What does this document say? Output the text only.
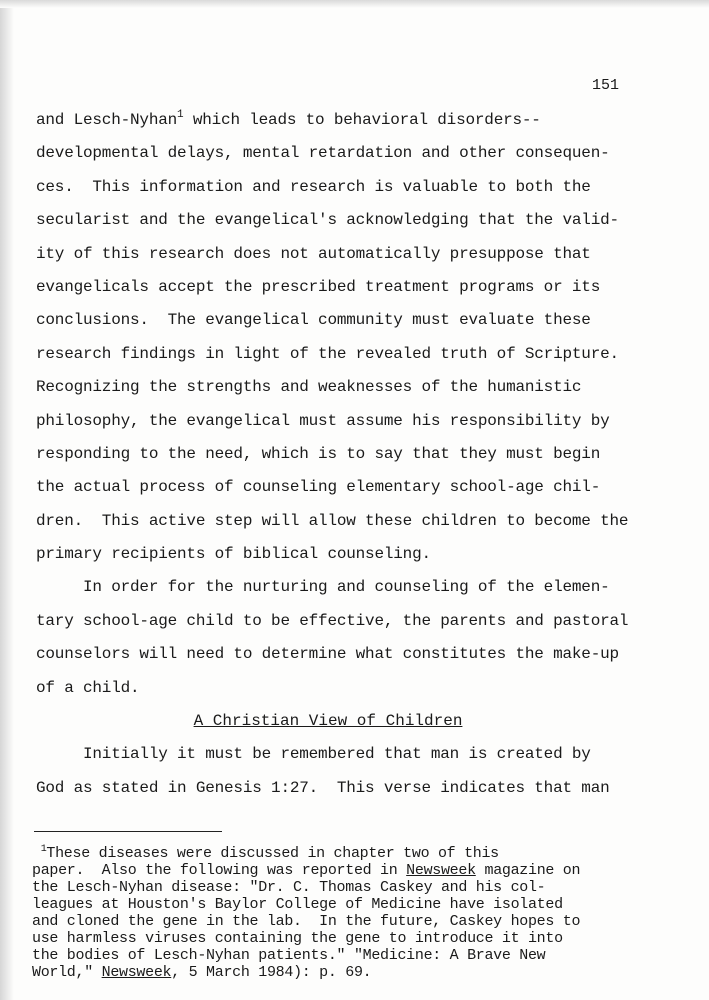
151
and Lesch-Nyhan$^1$ which leads to behavioral disorders--
developmental delays, mental retardation and other consequen-
ces.  This information and research is valuable to both the
secularist and the evangelical's acknowledging that the valid-
ity of this research does not automatically presuppose that
evangelicals accept the prescribed treatment programs or its
conclusions.  The evangelical community must evaluate these
research findings in light of the revealed truth of Scripture.
Recognizing the strengths and weaknesses of the humanistic
philosophy, the evangelical must assume his responsibility by
responding to the need, which is to say that they must begin
the actual process of counseling elementary school-age chil-
dren.  This active step will allow these children to become the
primary recipients of biblical counseling.
In order for the nurturing and counseling of the elemen-
tary school-age child to be effective, the parents and pastoral
counselors will need to determine what constitutes the make-up
of a child.
A Christian View of Children
Initially it must be remembered that man is created by
God as stated in Genesis 1:27.  This verse indicates that man
$^1$These diseases were discussed in chapter two of this
paper.  Also the following was reported in Newsweek magazine on
the Lesch-Nyhan disease: "Dr. C. Thomas Caskey and his col-
leagues at Houston's Baylor College of Medicine have isolated
and cloned the gene in the lab.  In the future, Caskey hopes to
use harmless viruses containing the gene to introduce it into
the bodies of Lesch-Nyhan patients." "Medicine: A Brave New
World," Newsweek, 5 March 1984): p. 69.
